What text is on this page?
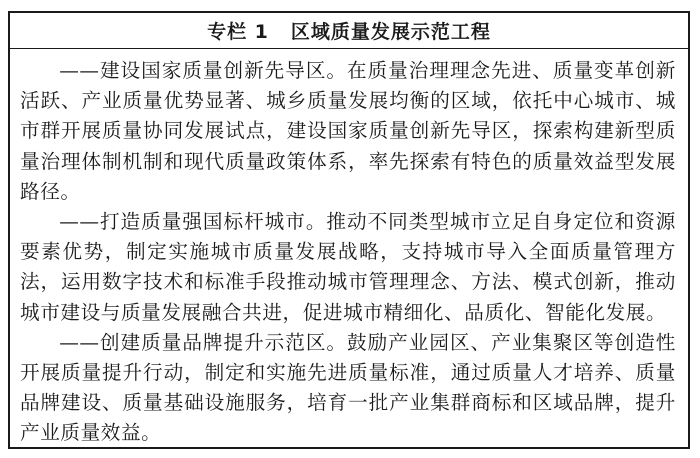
专栏 1 区域质量发展示范工程

——建设国家质量创新先导区。在质量治理理念先进、质量变革创新活跃、产业质量优势显著、城乡质量发展均衡的区域，依托中心城市、城市群开展质量协同发展试点，建设国家质量创新先导区，探索构建新型质量治理体制机制和现代质量政策体系，率先探索有特色的质量效益型发展路径。

——打造质量强国标杆城市。推动不同类型城市立足自身定位和资源要素优势，制定实施城市质量发展战略，支持城市导入全面质量管理方法，运用数字技术和标准手段推动城市管理理念、方法、模式创新，推动城市建设与质量发展融合共进，促进城市精细化、品质化、智能化发展。

——创建质量品牌提升示范区。鼓励产业园区、产业集聚区等创造性开展质量提升行动，制定和实施先进质量标准，通过质量人才培养、质量品牌建设、质量基础设施服务，培育一批产业集群商标和区域品牌，提升产业质量效益。
